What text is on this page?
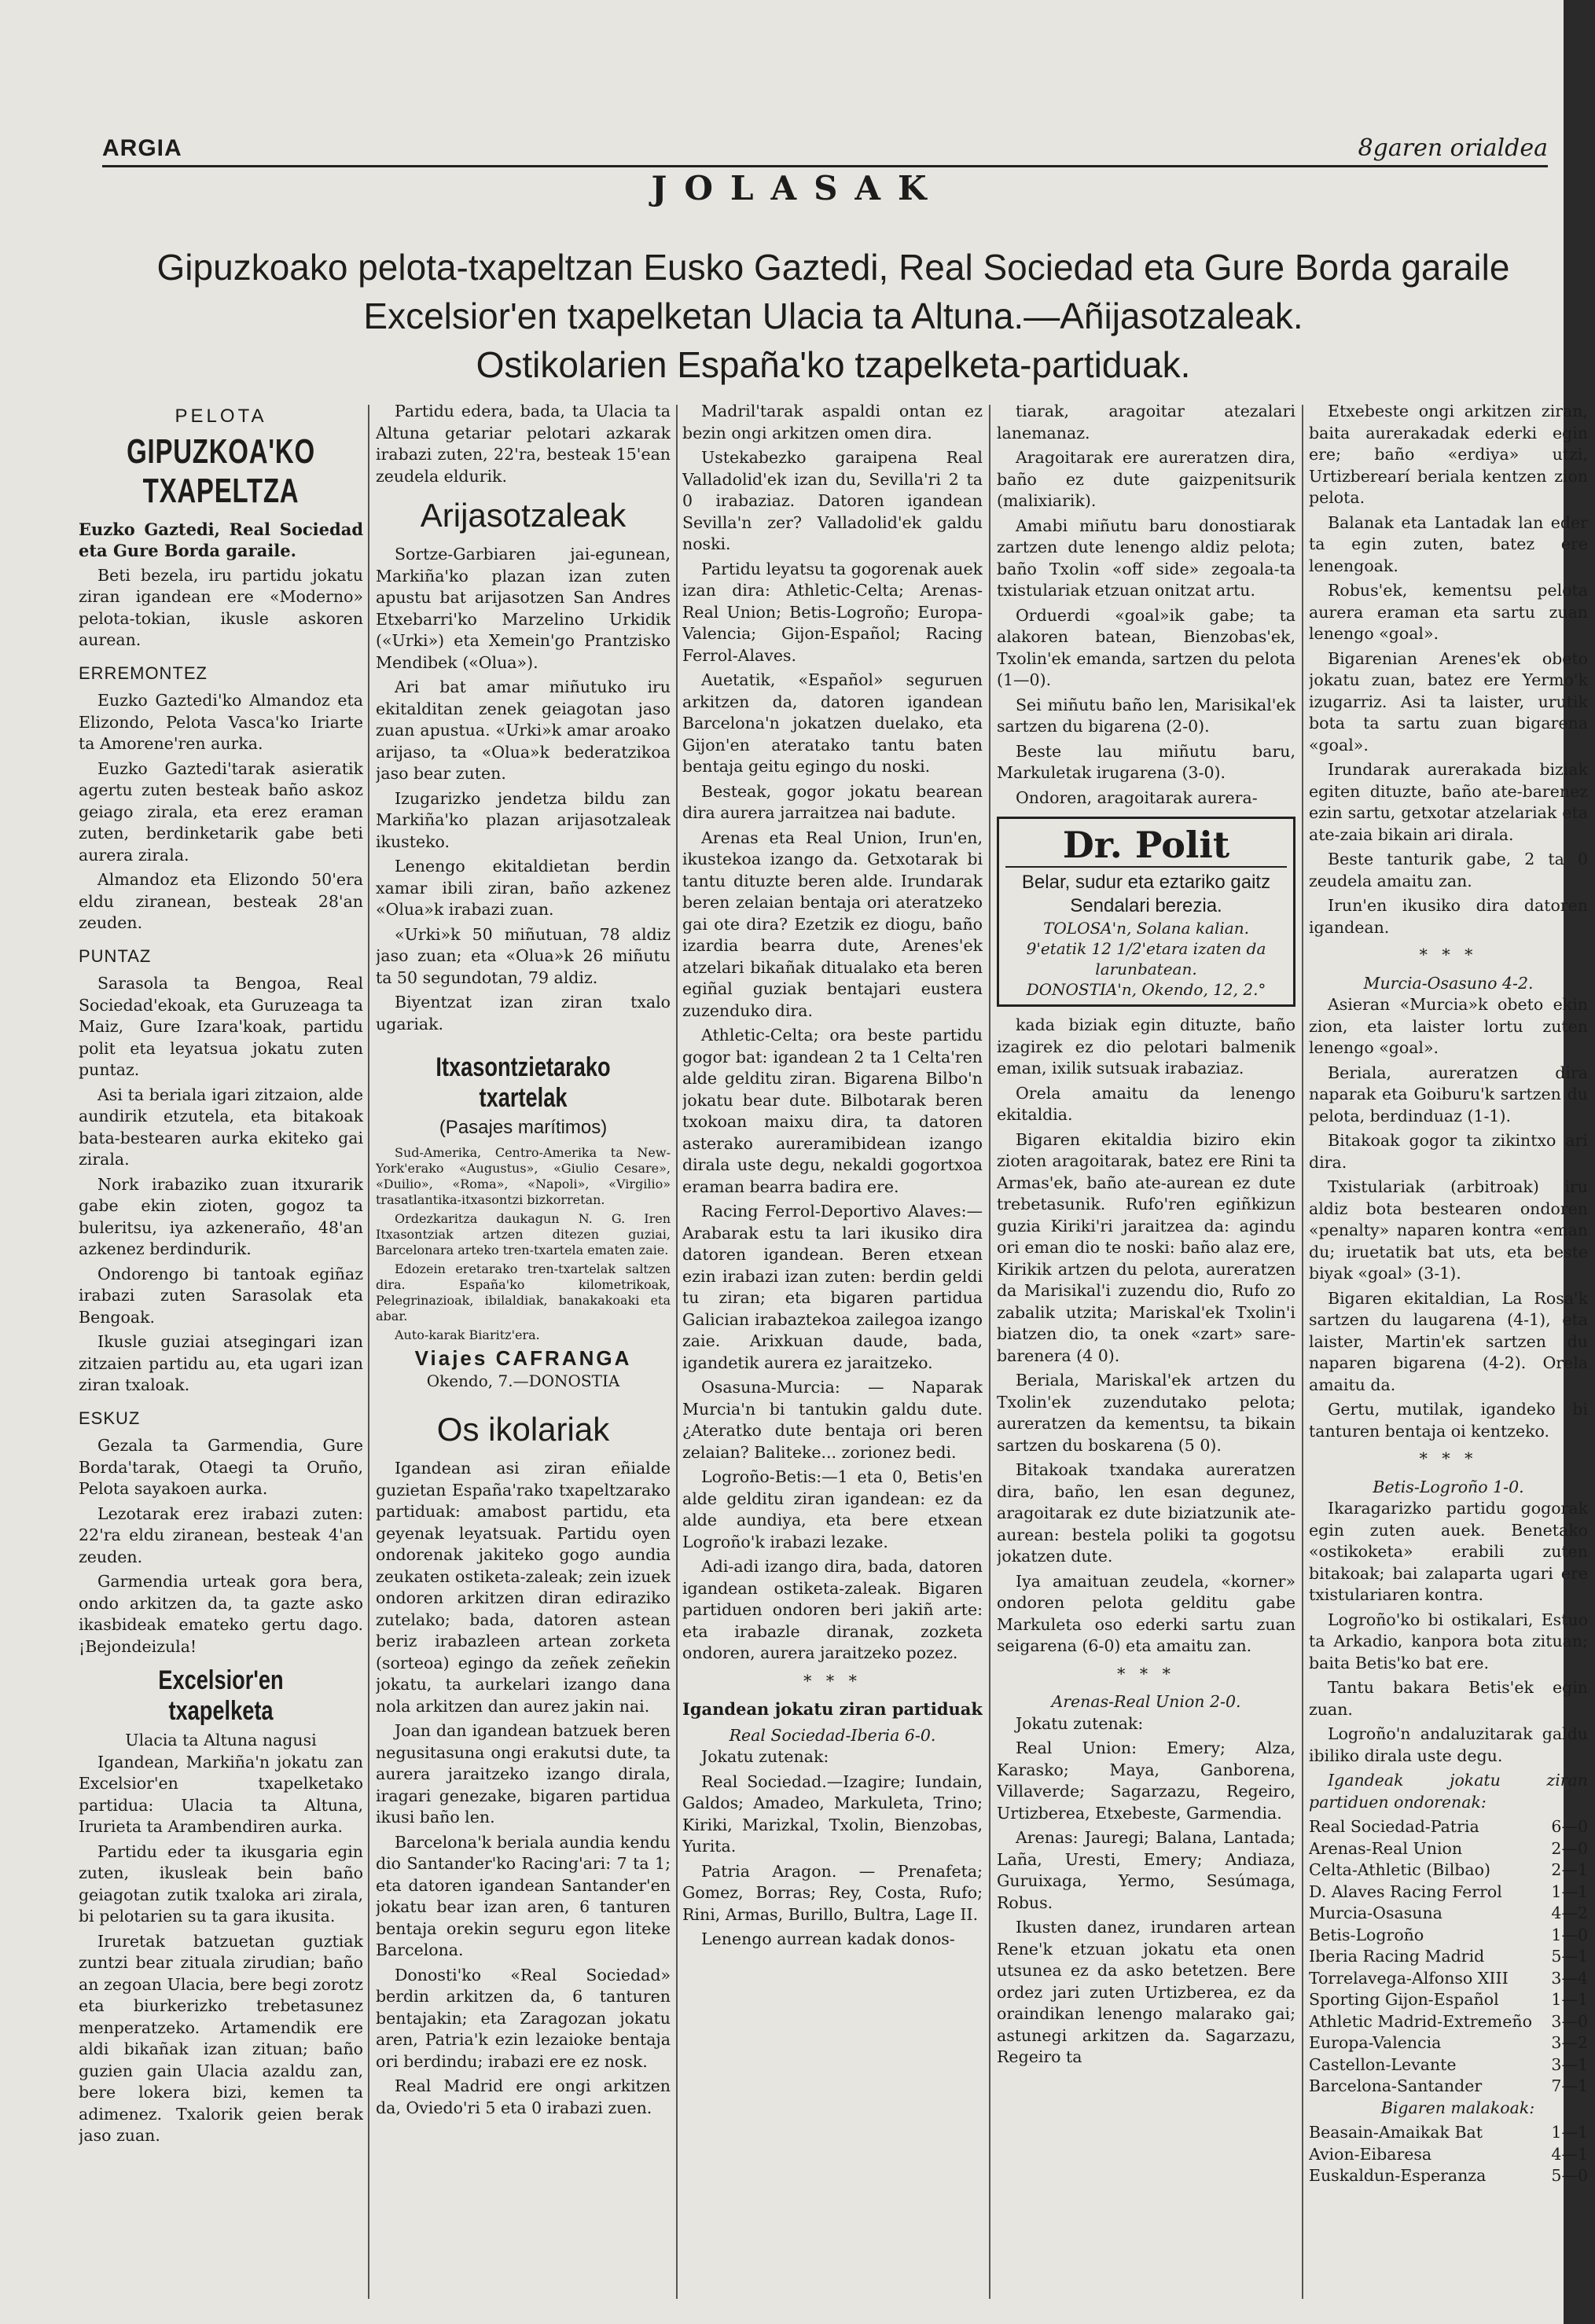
ARGIA	8garen orialdea
JOLASAK
Gipuzkoako pelota-txapeltzan Eusko Gaztedi, Real Sociedad eta Gure Borda garaile
Excelsior'en txapelketan Ulacia ta Altuna.—Añijasotzaleak.
Ostikolarien España'ko tzapelketa-partiduak.
PELOTA
GIPUZKOA'KO TXAPELTZA

Euzko Gaztedi, Real Sociedad eta Gure Borda garaile.

Beti bezela, iru partidu jokatu ziran igandean ere «Moderno» pelota-tokian, ikusle askoren aurean.

ERREMONTEZ

Euzko Gaztedi'ko Almandoz eta Elizondo, Pelota Vasca'ko Iriarte ta Amorene'ren aurka.

Euzko Gaztedi'tarak asieratik agertu zuten besteak baño askoz geiago zirala, eta erez eraman zuten, berdinketarik gabe beti aurera zirala.

Almandoz eta Elizondo 50'era eldu ziranean, besteak 28'an zeuden.

PUNTAZ

Sarasola ta Bengoa, Real Sociedad'ekoak, eta Guruzeaga ta Maiz, Gure Izara'koak, partidu polit eta leyatsua jokatu zuten puntaz.

Asi ta beriala igari zitzaion, alde aundirik etzutela, eta bitakoak bata-bestearen aurka ekiteko gai zirala.

Nork irabaziko zuan itxurarik gabe ekin zioten, gogoz ta buleritsu, iya azkeneraño, 48'an azkenez berdindurik.

Ondorengo bi tantoak egiñaz irabazi zuten Sarasolak eta Bengoak.

Ikusle guziai atsegingari izan zitzaien partidu au, eta ugari izan ziran txaloak.

ESKUZ

Gezala ta Garmendia, Gure Borda'tarak, Otaegi ta Oruño, Pelota sayakoen aurka.

Lezotarak erez irabazi zuten: 22'ra eldu ziranean, besteak 4'an zeuden.

Garmendia urteak gora bera, ondo arkitzen da, ta gazte asko ikasbideak emateko gertu dago. ¡Bejondeizula!

Excelsior'en txapelketa
Ulacia ta Altuna nagusi

Igandean, Markiña'n jokatu zan Excelsior'en txapelketako partidua: Ulacia ta Altuna, Irurieta ta Arambendiren aurka.

Partidu eder ta ikusgaria egin zuten, ikusleak bein baño geiagotan zutik txaloka ari zirala, bi pelotarien su ta gara ikusita.

Iruretak batzuetan guztiak zuntzi bear zituala zirudian; baño an zegoan Ulacia, bere begi zorotz eta biurkerizko trebetasunez menperatzeko. Artamendik ere aldi bikañak izan zituan; baño guzien gain Ulacia azaldu zan, bere lokera bizi, kemen ta adimenez. Txalorik geien berak jaso zuan.

Partidu edera, bada, ta Ulacia ta Altuna getariar pelotari azkarak irabazi zuten, 22'ra, besteak 15'ean zeudela eldurik.

Arijasotzaleak

Sortze-Garbiaren jai-egunean, Markiña'ko plazan izan zuten apustu bat arijasotzen San Andres Etxebarri'ko Marzelino Urkidik («Urki») eta Xemein'go Prantzisko Mendibek («Olua»).

Ari bat amar miñutuko iru ekitalditan zenek geiagotan jaso zuan apustua. «Urki»k amar aroako arijaso, ta «Olua»k bederatzikoa jaso bear zuten.

Izugarizko jendetza bildu zan Markiña'ko plazan arijasotzaleak ikusteko.

Lenengo ekitaldietan berdin xamar ibili ziran, baño azkenez «Olua»k irabazi zuan.

«Urki»k 50 miñutuan, 78 aldiz jaso zuan; eta «Olua»k 26 miñutu ta 50 segundotan, 79 aldiz.

Biyentzat izan ziran txalo ugariak.

Itxasontzietarako txartelak
(Pasajes marítimos)

Sud-Amerika, Centro-Amerika ta New-York'erako «Augustus», «Giulio Cesare», «Duilio», «Roma», «Napoli», «Virgilio» trasatlantika-itxasontzi bizkorretan.

Ordezkaritza daukagun N. G. Iren Itxasontziak artzen ditezen guziai, Barcelonara arteko tren-txartela ematen zaie.

Edozein eretarako tren-txartelak saltzen dira. España'ko kilometrikoak, Pelegrinazioak, ibilaldiak, banakakoaki eta abar.

Auto-karak Biaritz'era.

Viajes CAFRANGA
Okendo, 7.—DONOSTIA
Os ikolariak

Igandean asi ziran eñialde guzietan España'rako txapeltzarako partiduak: amabost partidu, eta geyenak leyatsuak. Partidu oyen ondorenak jakiteko gogo aundia zeukaten ostiketa-zaleak; zein izuek ondoren arkitzen diran ediraziko zutelako; bada, datoren astean beriz irabazleen artean zorketa (sorteoa) egingo da zeñek zeñekin jokatu, ta aurkelari izango dana nola arkitzen dan aurez jakin nai.

Joan dan igandean batzuek beren negusitasuna ongi erakutsi dute, ta aurera jaraitzeko izango dirala, iragari genezake, bigaren partidua ikusi baño len.

Barcelona'k beriala aundia kendu dio Santander'ko Racing'ari: 7 ta 1; eta datoren igandean Santander'en jokatu bear izan aren, 6 tanturen bentaja orekin seguru egon liteke Barcelona.

Donosti'ko «Real Sociedad» berdin arkitzen da, 6 tanturen bentajakin; eta Zaragozan jokatu aren, Patria'k ezin lezaioke bentaja ori berdindu; irabazi ere ez nosk.

Real Madrid ere ongi arkitzen da, Oviedo'ri 5 eta 0 irabazi zuen.

Madril'tarak aspaldi ontan ez bezin ongi arkitzen omen dira.

Ustekabezko garaipena Real Valladolid'ek izan du, Sevilla'ri 2 ta 0 irabaziaz. Datoren igandean Sevilla'n zer? Valladolid'ek galdu noski.

Partidu leyatsu ta gogorenak auek izan dira: Athletic-Celta; Arenas-Real Union; Betis-Logroño; Europa-Valencia; Gijon-Español; Racing Ferrol-Alaves.

Auetatik, «Español» seguruen arkitzen da, datoren igandean Barcelona'n jokatzen duelako, eta Gijon'en ateratako tantu baten bentaja geitu egingo du noski.

Besteak, gogor jokatu bearean dira aurera jarraitzea nai badute.

Arenas eta Real Union, Irun'en, ikustekoa izango da. Getxotarak bi tantu dituzte beren alde. Irundarak beren zelaian bentaja ori ateratzeko gai ote dira? Ezetzik ez diogu, baño izardia bearra dute, Arenes'ek atzelari bikañak ditualako eta beren egiñal guziak bentajari eustera zuzenduko dira.

Athletic-Celta; ora beste partidu gogor bat: igandean 2 ta 1 Celta'ren alde gelditu ziran. Bigarena Bilbo'n jokatu bear dute. Bilbotarak beren txokoan maixu dira, ta datoren asterako aureramibidean izango dirala uste degu, nekaldi gogortxoa eraman bearra badira ere.

Racing Ferrol-Deportivo Alaves:—Arabarak estu ta lari ikusiko dira datoren igandean. Beren etxean ezin irabazi izan zuten: berdin geldi tu ziran; eta bigaren partidua Galician irabaztekoa zailegoa izango zaie. Arixkuan daude, bada, igandetik aurera ez jaraitzeko.

Osasuna-Murcia: — Naparak Murcia'n bi tantukin galdu dute. ¿Ateratko dute bentaja ori beren zelaian? Baliteke... zorionez bedi.

Logroño-Betis:—1 eta 0, Betis'en alde gelditu ziran igandean: ez da alde aundiya, eta bere etxean Logroño'k irabazi lezake.

Adi-adi izango dira, bada, datoren igandean ostiketa-zaleak. Bigaren partiduen ondoren beri jakiñ arte: eta irabazle diranak, zozketa ondoren, aurera jaraitzeko pozez.

* * *
Igandean jokatu ziran partiduak
Real Sociedad-Iberia 6-0.

Jokatu zutenak:

Real Sociedad.—Izagire; Iundain, Galdos; Amadeo, Markuleta, Trino; Kiriki, Marizkal, Txolin, Bienzobas, Yurita.

Patria Aragon. — Prenafeta; Gomez, Borras; Rey, Costa, Rufo; Rini, Armas, Burillo, Bultra, Lage II.

Lenengo aurrean kadak donos-

tiarak, aragoitar atezalari lanemanaz.

Aragoitarak ere aureratzen dira, baño ez dute gaizpenitsurik (malixiarik).

Amabi miñutu baru donostiarak zartzen dute lenengo aldiz pelota; baño Txolin «off side» zegoala-ta txistulariak etzuan onitzat artu.

Orduerdi «goal»ik gabe; ta alakoren batean, Bienzobas'ek, Txolin'ek emanda, sartzen du pelota (1—0).

Sei miñutu baño len, Marisikal'ek sartzen du bigarena (2-0).

Beste lau miñutu baru, Markuletak irugarena (3-0).

Ondoren, aragoitarak aurera-

Dr. Polit
Belar, sudur eta eztariko gaitz Sendalari berezia.
TOLOSA'n, Solana kalian.
9'etatik 12 1/2'etara izaten da larunbatean.
DONOSTIA'n, Okendo, 12, 2.°

kada biziak egin dituzte, baño izagirek ez dio pelotari balmenik eman, ixilik sutsuak irabaziaz.

Orela amaitu da lenengo ekitaldia.

Bigaren ekitaldia biziro ekin zioten aragoitarak, batez ere Rini ta Armas'ek, baño ate-aurean ez dute trebetasunik. Rufo'ren egiñkizun guzia Kiriki'ri jaraitzea da: agindu ori eman dio te noski: baño alaz ere, Kirikik artzen du pelota, aureratzen da Marisikal'i zuzendu dio, Rufo zo zabalik utzita; Mariskal'ek Txolin'i biatzen dio, ta onek «zart» sare-barenera (4 0).

Beriala, Mariskal'ek artzen du Txolin'ek zuzendutako pelota; aureratzen da kementsu, ta bikain sartzen du boskarena (5 0).

Bitakoak txandaka aureratzen dira, baño, len esan degunez, aragoitarak ez dute biziatzunik ate-aurean: bestela poliki ta gogotsu jokatzen dute.

Iya amaituan zeudela, «korner» ondoren pelota gelditu gabe Markuleta oso ederki sartu zuan seigarena (6-0) eta amaitu zan.

* * *
Arenas-Real Union 2-0.

Jokatu zutenak:

Real Union: Emery; Alza, Karasko; Maya, Ganborena, Villaverde; Sagarzazu, Regeiro, Urtizberea, Etxebeste, Garmendia.

Arenas: Jauregi; Balana, Lantada; Laña, Uresti, Emery; Andiaza, Guruixaga, Yermo, Sesúmaga, Robus.

Ikusten danez, irundaren artean Rene'k etzuan jokatu eta onen utsunea ez da asko betetzen. Bere ordez jari zuten Urtizberea, ez da oraindikan lenengo malarako gai; astunegi arkitzen da. Sagarzazu, Regeiro ta

Etxebeste ongi arkitzen ziran, baita aurerakadak ederki egin ere; baño «erdiya» utzi, Urtizberearí beriala kentzen zion pelota.

Balanak eta Lantadak lan eder ta egin zuten, batez ere lenengoak.

Robus'ek, kementsu pelota aurera eraman eta sartu zuan lenengo «goal».

Bigarenian Arenes'ek obeto jokatu zuan, batez ere Yermo'k izugarriz. Asi ta laister, urutik bota ta sartu zuan bigarena «goal».

Irundarak aurerakada biziak egiten dituzte, baño ate-barenez ezin sartu, getxotar atzelariak eta ate-zaia bikain ari dirala.

Beste tanturik gabe, 2 ta 0 zeudela amaitu zan.

Irun'en ikusiko dira datoren igandean.

* * *
Murcia-Osasuno 4-2.

Asieran «Murcia»k obeto ekin zion, eta laister lortu zuten lenengo «goal».

Beriala, aureratzen dira naparak eta Goiburu'k sartzen du pelota, berdinduaz (1-1).

Bitakoak gogor ta zikintxo ari dira.

Txistulariak (arbitroak) iru aldiz bota bestearen ondoren «penalty» naparen kontra «eman du; iruetatik bat uts, eta beste biyak «goal» (3-1).

Bigaren ekitaldian, La Rosa'k sartzen du laugarena (4-1), eta laister, Martin'ek sartzen du naparen bigarena (4-2). Orela amaitu da.

Gertu, mutilak, igandeko bi tanturen bentaja oi kentzeko.

* * *
Betis-Logroño 1-0.

Ikaragarizko partidu gogorak egin zuten auek. Benetako «ostikoketa» erabili zuten bitakoak; bai zalaparta ugari ere txistulariaren kontra.

Logroño'ko bi ostikalari, Estuo ta Arkadio, kanpora bota zituan; baita Betis'ko bat ere.

Tantu bakara Betis'ek egin zuan.

Logroño'n andaluzitarak galdu ibiliko dirala uste degu.

Igandeak jokatu ziran partiduen ondorenak:

Real Sociedad-Patria	6—0
Arenas-Real Union	2—0
Celta-Athletic (Bilbao)	2—1
D. Alaves Racing Ferrol	1—1
Murcia-Osasuna	4—2
Betis-Logroño	1—0
Iberia Racing Madrid	5—1
Torrelavega-Alfonso XIII	3—4
Sporting Gijon-Español	1—1
Athletic Madrid-Extremeño 3—0
Europa-Valencia	3—2
Castellon-Levante	3—1
Barcelona-Santander	7—1

Bigaren malakoak:

Beasain-Amaikak Bat	1—1
Avion-Eibaresa	4—1
Euskaldun-Esperanza	5—0
